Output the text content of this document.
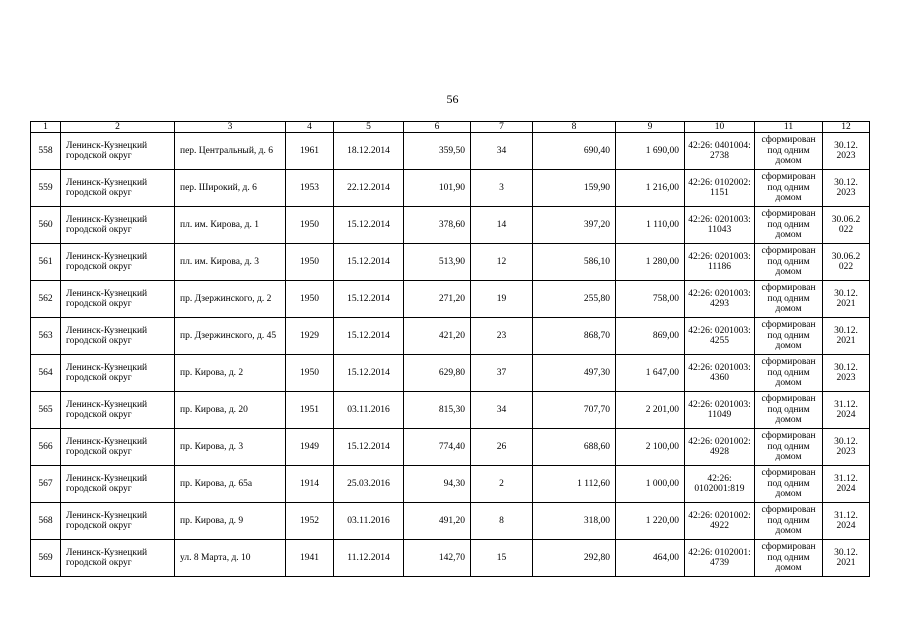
56
1	2	3	4	5	6	7	8	9	10	11	12
558	Ленинск-Кузнецкий городской округ	пер. Центральный, д. 6	1961	18.12.2014	359,50	34	690,40	1 690,00	42:26: 0401004: 2738	сформирован под одним домом	30.12. 2023
559	Ленинск-Кузнецкий городской округ	пер. Широкий, д. 6	1953	22.12.2014	101,90	3	159,90	1 216,00	42:26: 0102002: 1151	сформирован под одним домом	30.12. 2023
560	Ленинск-Кузнецкий городской округ	пл. им. Кирова, д. 1	1950	15.12.2014	378,60	14	397,20	1 110,00	42:26: 0201003: 11043	сформирован под одним домом	30.06.2 022
561	Ленинск-Кузнецкий городской округ	пл. им. Кирова, д. 3	1950	15.12.2014	513,90	12	586,10	1 280,00	42:26: 0201003: 11186	сформирован под одним домом	30.06.2 022
562	Ленинск-Кузнецкий городской округ	пр. Дзержинского, д. 2	1950	15.12.2014	271,20	19	255,80	758,00	42:26: 0201003: 4293	сформирован под одним домом	30.12. 2021
563	Ленинск-Кузнецкий городской округ	пр. Дзержинского, д. 45	1929	15.12.2014	421,20	23	868,70	869,00	42:26: 0201003: 4255	сформирован под одним домом	30.12. 2021
564	Ленинск-Кузнецкий городской округ	пр. Кирова, д. 2	1950	15.12.2014	629,80	37	497,30	1 647,00	42:26: 0201003: 4360	сформирован под одним домом	30.12. 2023
565	Ленинск-Кузнецкий городской округ	пр. Кирова, д. 20	1951	03.11.2016	815,30	34	707,70	2 201,00	42:26: 0201003: 11049	сформирован под одним домом	31.12. 2024
566	Ленинск-Кузнецкий городской округ	пр. Кирова, д. 3	1949	15.12.2014	774,40	26	688,60	2 100,00	42:26: 0201002: 4928	сформирован под одним домом	30.12. 2023
567	Ленинск-Кузнецкий городской округ	пр. Кирова, д. 65а	1914	25.03.2016	94,30	2	1 112,60	1 000,00	42:26: 0102001:819	сформирован под одним домом	31.12. 2024
568	Ленинск-Кузнецкий городской округ	пр. Кирова, д. 9	1952	03.11.2016	491,20	8	318,00	1 220,00	42:26: 0201002: 4922	сформирован под одним домом	31.12. 2024
569	Ленинск-Кузнецкий городской округ	ул. 8 Марта, д. 10	1941	11.12.2014	142,70	15	292,80	464,00	42:26: 0102001: 4739	сформирован под одним домом	30.12. 2021
